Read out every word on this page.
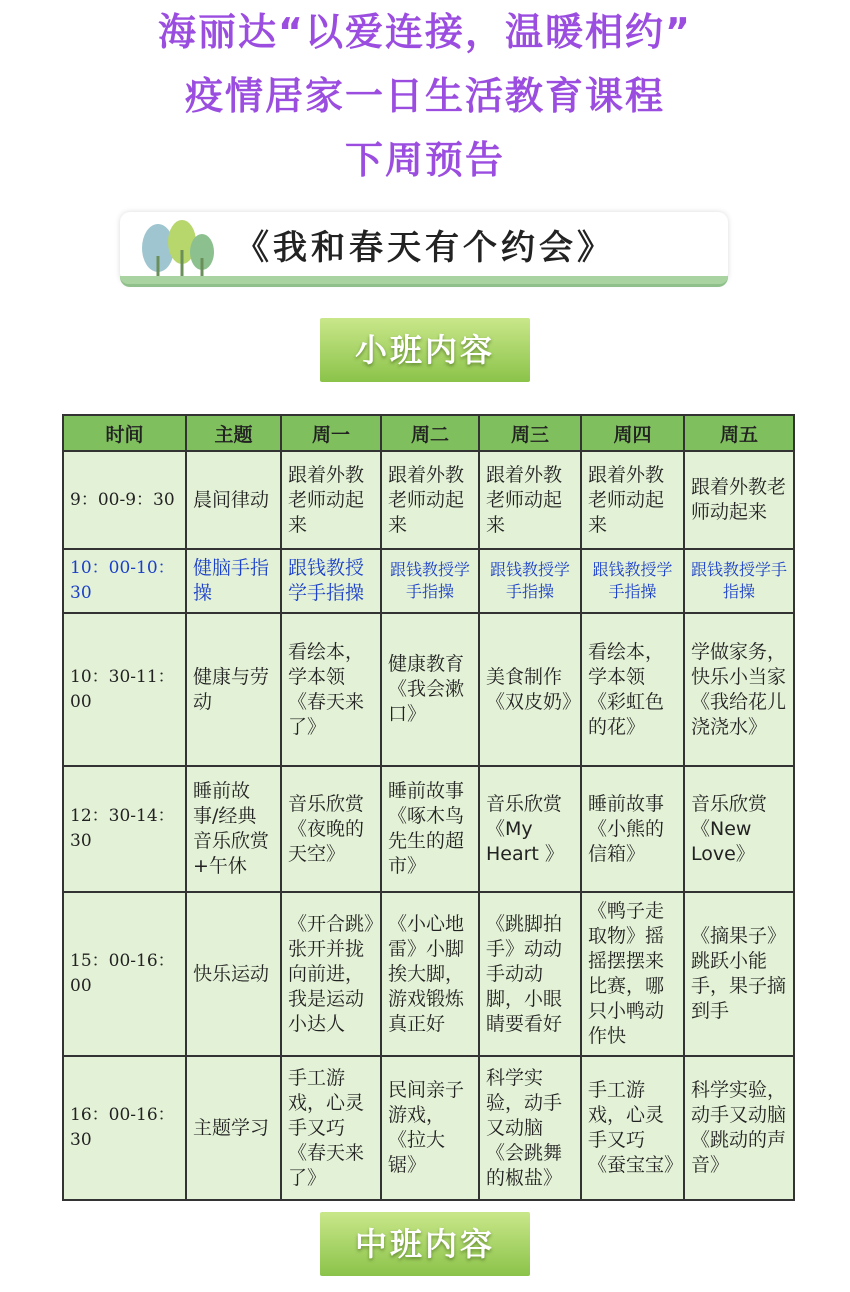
海丽达“以爱连接，温暖相约”
疫情居家一日生活教育课程
下周预告
《我和春天有个约会》
小班内容
时间	主题	周一	周二	周三	周四	周五
9：00-9：30	晨间律动	跟着外教老师动起来	跟着外教老师动起来	跟着外教老师动起来	跟着外教老师动起来	跟着外教老师动起来
10：00-10：30	健脑手指操	跟钱教授学手指操	跟钱教授学手指操	跟钱教授学手指操	跟钱教授学手指操	跟钱教授学手指操
10：30-11：00	健康与劳动	看绘本，学本领《春天来了》	健康教育《我会漱口》	美食制作《双皮奶》	看绘本，学本领《彩虹色的花》	学做家务，快乐小当家《我给花儿浇浇水》
12：30-14：30	睡前故事/经典音乐欣赏+午休	音乐欣赏《夜晚的天空》	睡前故事《啄木鸟先生的超市》	音乐欣赏《My Heart 》	睡前故事《小熊的信箱》	音乐欣赏《New Love》
15：00-16：00	快乐运动	《开合跳》张开并拢向前进，我是运动小达人	《小心地雷》小脚挨大脚，游戏锻炼真正好	《跳脚拍手》动动手动动脚，小眼睛要看好	《鸭子走取物》摇摇摆摆来比赛，哪只小鸭动作快	《摘果子》跳跃小能手，果子摘到手
16：00-16：30	主题学习	手工游戏，心灵手又巧《春天来了》	民间亲子游戏，《拉大锯》	科学实验，动手又动脑《会跳舞的椒盐》	手工游戏，心灵手又巧《蚕宝宝》	科学实验，动手又动脑《跳动的声音》
中班内容
